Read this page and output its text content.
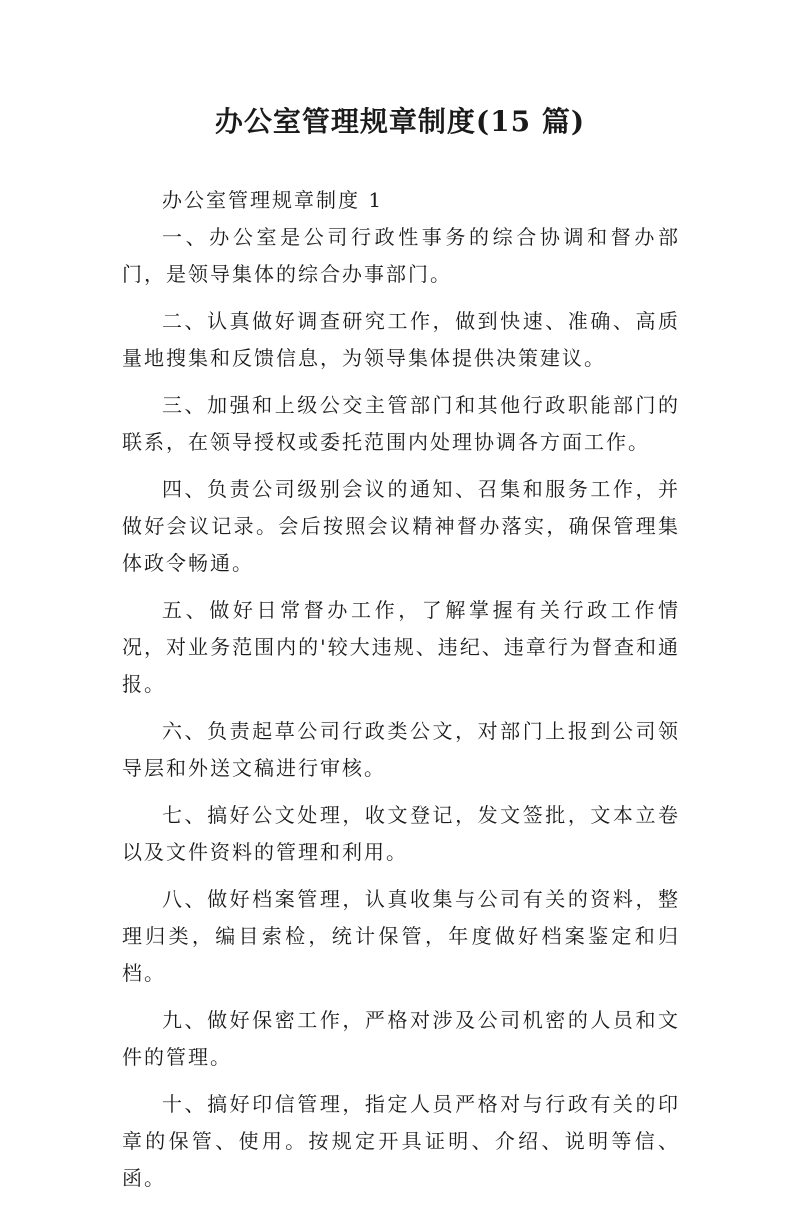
办公室管理规章制度(15 篇)

办公室管理规章制度 1

一、办公室是公司行政性事务的综合协调和督办部门，是领导集体的综合办事部门。

二、认真做好调查研究工作，做到快速、准确、高质量地搜集和反馈信息，为领导集体提供决策建议。

三、加强和上级公交主管部门和其他行政职能部门的联系，在领导授权或委托范围内处理协调各方面工作。

四、负责公司级别会议的通知、召集和服务工作，并做好会议记录。会后按照会议精神督办落实，确保管理集体政令畅通。

五、做好日常督办工作，了解掌握有关行政工作情况，对业务范围内的'较大违规、违纪、违章行为督查和通报。

六、负责起草公司行政类公文，对部门上报到公司领导层和外送文稿进行审核。

七、搞好公文处理，收文登记，发文签批，文本立卷以及文件资料的管理和利用。

八、做好档案管理，认真收集与公司有关的资料，整理归类，编目索检，统计保管，年度做好档案鉴定和归档。

九、做好保密工作，严格对涉及公司机密的人员和文件的管理。

十、搞好印信管理，指定人员严格对与行政有关的印章的保管、使用。按规定开具证明、介绍、说明等信、函。
